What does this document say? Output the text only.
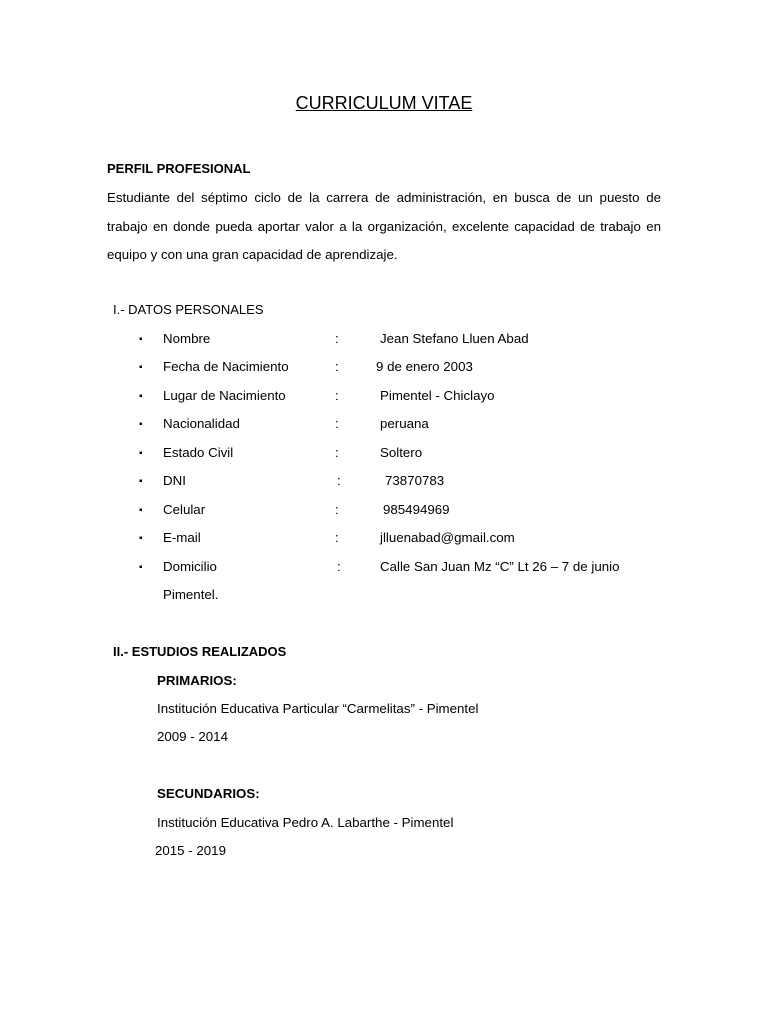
CURRICULUM VITAE
PERFIL PROFESIONAL
Estudiante del séptimo ciclo de la carrera de administración, en busca de un puesto de trabajo en donde pueda aportar valor a la organización, excelente capacidad de trabajo en equipo y con una gran capacidad de aprendizaje.
I.- DATOS PERSONALES
▪ Nombre	:	Jean Stefano Lluen Abad
▪ Fecha de Nacimiento	:	9 de enero 2003
▪ Lugar de Nacimiento	:	Pimentel - Chiclayo
▪ Nacionalidad	:	peruana
▪ Estado Civil	:	Soltero
▪ DNI	:	73870783
▪ Celular	:	985494969
▪ E-mail	:	jlluenabad@gmail.com
▪ Domicilio	:	Calle San Juan Mz “C” Lt 26 – 7 de junio
Pimentel.
II.- ESTUDIOS REALIZADOS
PRIMARIOS:
Institución Educativa Particular “Carmelitas” - Pimentel
2009 - 2014
SECUNDARIOS:
Institución Educativa Pedro A. Labarthe - Pimentel
2015 - 2019
